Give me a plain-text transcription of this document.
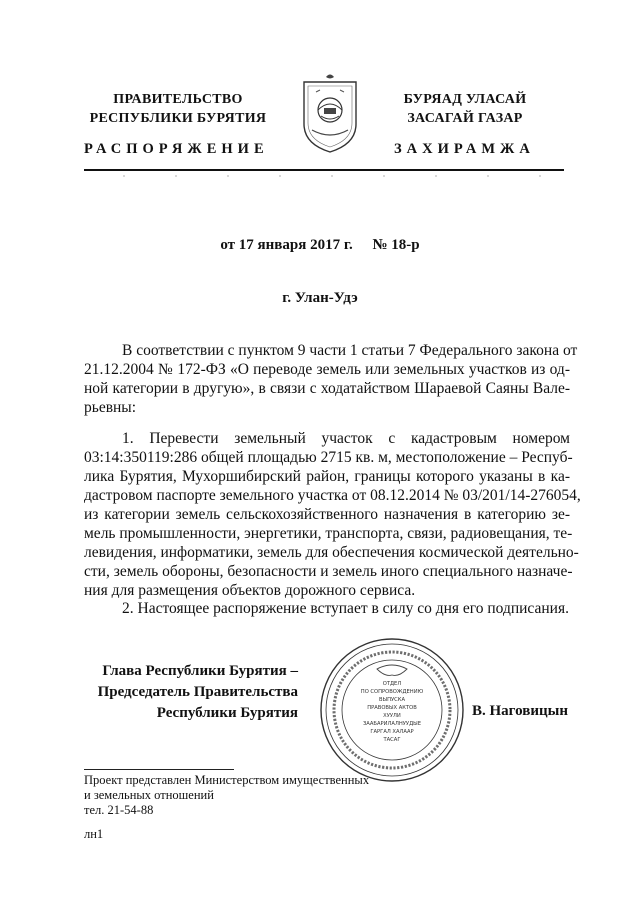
ПРАВИТЕЛЬСТВО
РЕСПУБЛИКИ БУРЯТИЯ
БУРЯАД УЛАСАЙ
ЗАСАГАЙ ГАЗАР
РАСПОРЯЖЕНИЕ	ЗАХИРАМЖА
от 17 января 2017 г. № 18-р
г. Улан-Удэ
В соответствии с пунктом 9 части 1 статьи 7 Федерального закона от
21.12.2004 № 172-ФЗ «О переводе земель или земельных участков из од-
ной категории в другую», в связи с ходатайством Шараевой Саяны Вале-
рьевны:
1.   Перевести   земельный   участок   с   кадастровым   номером
03:14:350119:286 общей площадью 2715 кв. м, местоположение – Респуб-
лика Бурятия, Мухоршибирский район, границы которого указаны в ка-
дастровом паспорте земельного участка от 08.12.2014 № 03/201/14-276054,
из категории земель сельскохозяйственного назначения в категорию зе-
мель промышленности, энергетики, транспорта, связи, радиовещания, те-
левидения, информатики, земель для обеспечения космической деятельно-
сти, земель обороны, безопасности и земель иного специального назначе-
ния для размещения объектов дорожного сервиса.
2. Настоящее распоряжение вступает в силу со дня его подписания.
Глава Республики Бурятия –
Председатель Правительства
Республики Бурятия
ОТДЕЛ
ПО СОПРОВОЖДЕНИЮ
ВЫПУСКА
ПРАВОВЫХ АКТОВ
ХУУЛИ
ЗААБАРИЛАЛНУУДЫЕ
ГАРГАЛ ХАЛААР
ТАСАГ
В. Наговицын
Проект представлен Министерством имущественных
и земельных отношений
тел. 21-54-88
лн1
